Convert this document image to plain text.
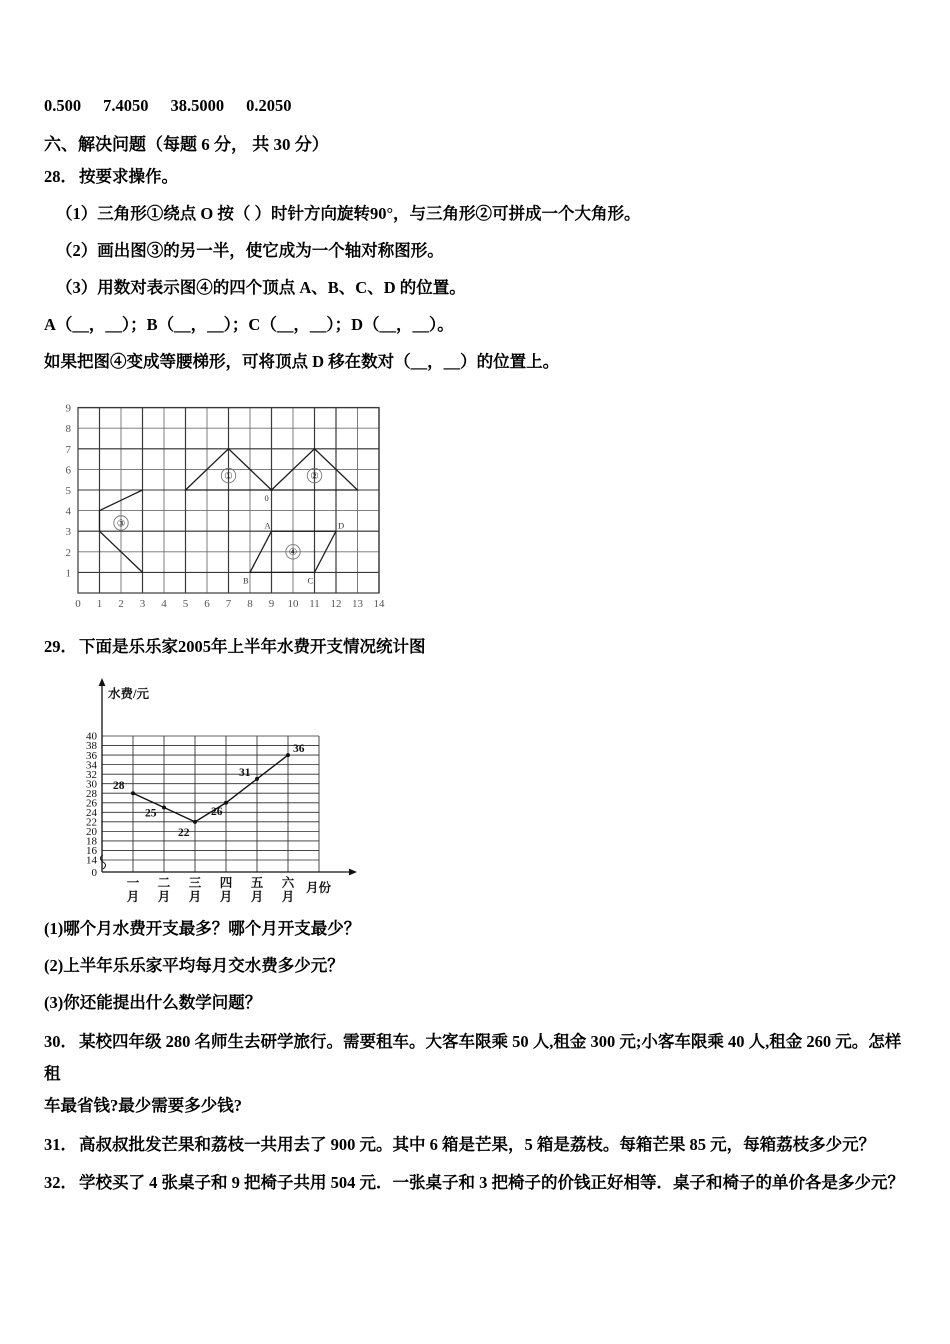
0.500 7.4050 38.5000 0.2050
六、解决问题（每题 6 分， 共 30 分）
28． 按要求操作。
（1）三角形①绕点 O 按（ ）时针方向旋转90°，与三角形②可拼成一个大角形。
（2）画出图③的另一半，使它成为一个轴对称图形。
（3）用数对表示图④的四个顶点 A、B、C、D 的位置。
A（__，__）；B（__，__）；C（__，__）；D（__，__）。
如果把图④变成等腰梯形，可将顶点 D 移在数对（__，__）的位置上。
①	②
③
④
0
A
B	C
D
0 1 2 3 4 5 6 7 8 9 10 11 12 13 14
1
2
3
4
5
6
7
8
9
29． 下面是乐乐家2005年上半年水费开支情况统计图
14
16
18
20
22
24
26
28
30
32
34
36
38
40
0
水费/元
28
25
22
26
31
36
一
月
二
月
三
月
四
月
五
月
六
月
月份
(1)哪个月水费开支最多？哪个月开支最少？
(2)上半年乐乐家平均每月交水费多少元？
(3)你还能提出什么数学问题？
30． 某校四年级 280 名师生去研学旅行。需要租车。大客车限乘 50 人,租金 300 元;小客车限乘 40 人,租金 260 元。怎样租
车最省钱?最少需要多少钱?
31． 高叔叔批发芒果和荔枝一共用去了 900 元。其中 6 箱是芒果，5 箱是荔枝。每箱芒果 85 元，每箱荔枝多少元？
32． 学校买了 4 张桌子和 9 把椅子共用 504 元．一张桌子和 3 把椅子的价钱正好相等．桌子和椅子的单价各是多少元？
